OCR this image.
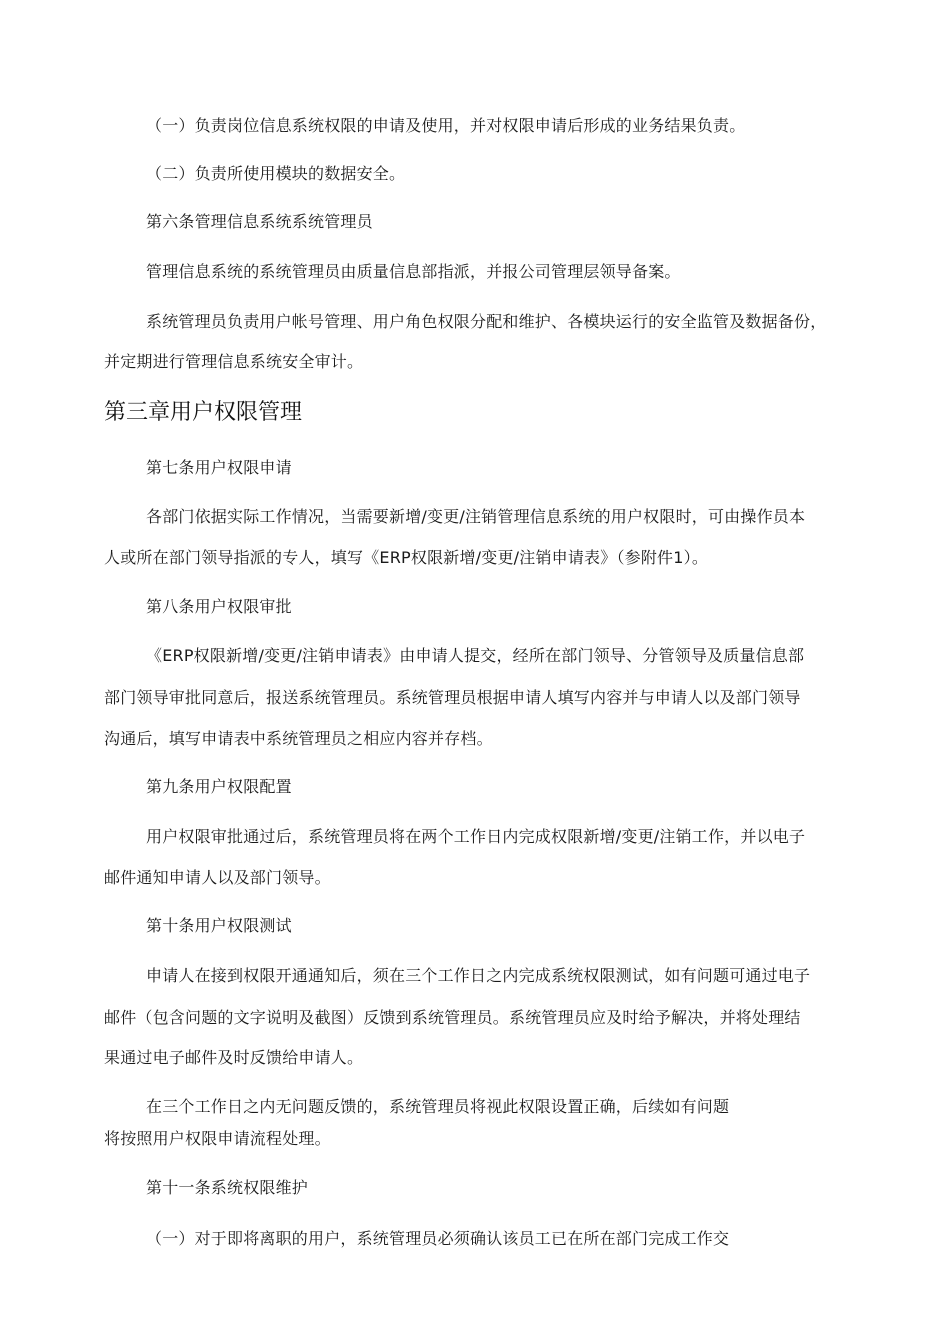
（一）负责岗位信息系统权限的申请及使用，并对权限申请后形成的业务结果负责。
（二）负责所使用模块的数据安全。
第六条管理信息系统系统管理员
管理信息系统的系统管理员由质量信息部指派，并报公司管理层领导备案。
系统管理员负责用户帐号管理、用户角色权限分配和维护、各模块运行的安全监管及数据备份，
并定期进行管理信息系统安全审计。
第三章用户权限管理
第七条用户权限申请
各部门依据实际工作情况，当需要新增/变更/注销管理信息系统的用户权限时，可由操作员本
人或所在部门领导指派的专人，填写《ERP权限新增/变更/注销申请表》（参附件1）。
第八条用户权限审批
《ERP权限新增/变更/注销申请表》由申请人提交，经所在部门领导、分管领导及质量信息部
部门领导审批同意后，报送系统管理员。系统管理员根据申请人填写内容并与申请人以及部门领导
沟通后，填写申请表中系统管理员之相应内容并存档。
第九条用户权限配置
用户权限审批通过后，系统管理员将在两个工作日内完成权限新增/变更/注销工作，并以电子
邮件通知申请人以及部门领导。
第十条用户权限测试
申请人在接到权限开通通知后，须在三个工作日之内完成系统权限测试，如有问题可通过电子
邮件（包含问题的文字说明及截图）反馈到系统管理员。系统管理员应及时给予解决，并将处理结
果通过电子邮件及时反馈给申请人。
在三个工作日之内无问题反馈的，系统管理员将视此权限设置正确，后续如有问题
将按照用户权限申请流程处理。
第十一条系统权限维护
（一）对于即将离职的用户，系统管理员必须确认该员工已在所在部门完成工作交
